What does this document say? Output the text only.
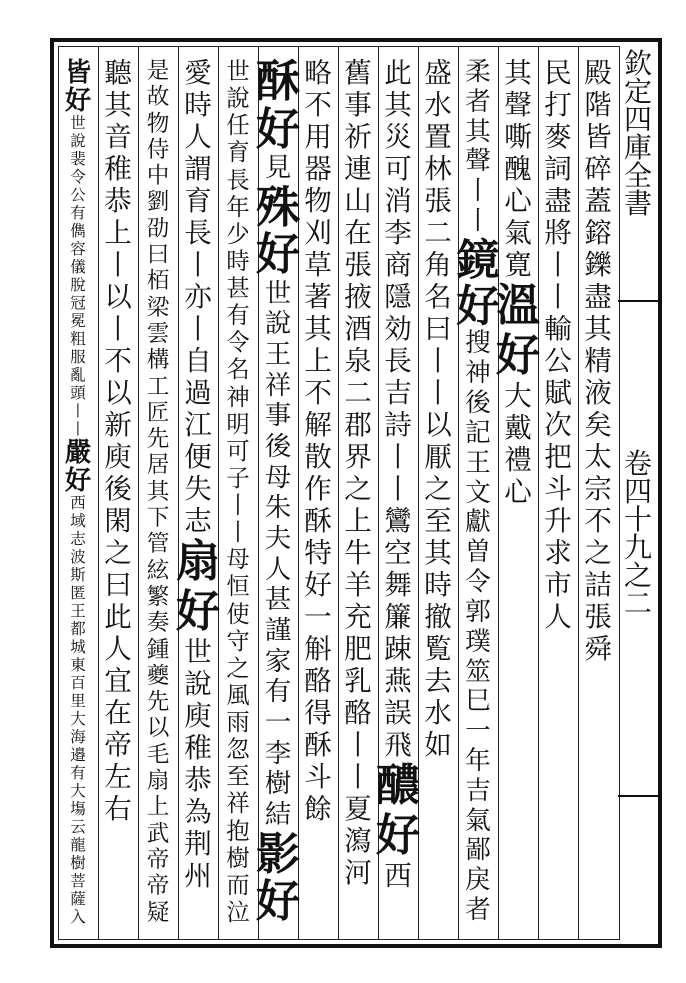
欽
定
四
庫
全
書
卷
四
十
九
之
二
殿
階
皆
碎
蓋
鎔
鑠
盡
其
精
液
矣
太
宗
不
之
詰
張
舜
民
打
麥
詞
盡
將
丨
丨
輸
公
賦
次
把
斗
升
求
市
人
其
聲
嘶
醜
心
氣
寛
溫
好
大
戴
禮
心
柔
者
其
聲
丨
丨
鏡
好
搜
神
後
記
王
文
獻
曽
令
郭
璞
筮
巳
一
年
吉
氣
鄙
戾
者
盛
水
置
林
張
二
角
名
曰
丨
丨
以
厭
之
至
其
時
撤
覧
去
水
如
此
其
災
可
消
李
商
隱
効
長
吉
詩
丨
丨
鸞
空
舞
簾
踈
燕
誤
飛
醲
好
西
舊
事
祈
連
山
在
張
掖
酒
泉
二
郡
界
之
上
牛
羊
充
肥
乳
酪
丨
丨
夏
瀉
河
略
不
用
器
物
刈
草
著
其
上
不
解
散
作
酥
特
好
一
斛
酪
得
酥
斗
餘
酥
好
見
殊
好
世
說
王
祥
事
後
母
朱
夫
人
甚
謹
家
有
一
李
樹
結
影
好
世
說
任
育
長
年
少
時
甚
有
令
名
神
明
可
子
丨
丨
母
恒
使
守
之
風
雨
忽
至
祥
抱
樹
而
泣
愛
時
人
謂
育
長
丨
亦
丨
自
過
江
便
失
志
扇
好
世
說
庾
稚
恭
為
荆
州
是
故
物
侍
中
劉
劭
曰
栢
梁
雲
構
工
匠
先
居
其
下
管
絃
繁
奏
鍾
夔
先
以
毛
扇
上
武
帝
帝
疑
聽
其
音
稚
恭
上
丨
以
丨
不
以
新
庾
後
閑
之
曰
此
人
宜
在
帝
左
右
皆
好
世
說
裴
令
公
有
儁
容
儀
脫
冠
冕
粗
服
亂
頭
丨
丨
嚴
好
西
域
志
波
斯
匿
王
都
城
東
百
里
大
海
邉
有
大
塲
云
龍
樹
菩
薩
入
